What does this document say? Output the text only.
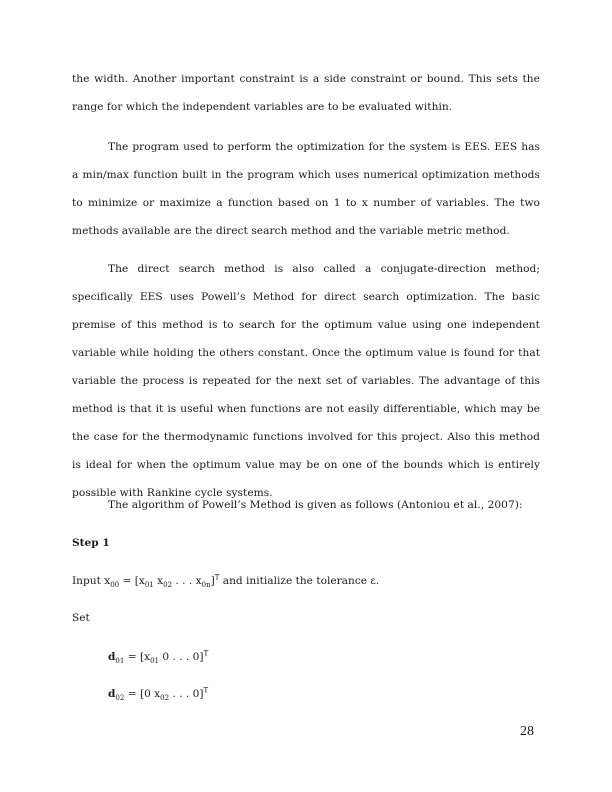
the width. Another important constraint is a side constraint or bound. This sets the range for which the independent variables are to be evaluated within.

The program used to perform the optimization for the system is EES. EES has a min/max function built in the program which uses numerical optimization methods to minimize or maximize a function based on 1 to x number of variables. The two methods available are the direct search method and the variable metric method.

The direct search method is also called a conjugate-direction method; specifically EES uses Powell’s Method for direct search optimization. The basic premise of this method is to search for the optimum value using one independent variable while holding the others constant. Once the optimum value is found for that variable the process is repeated for the next set of variables. The advantage of this method is that it is useful when functions are not easily differentiable, which may be the case for the thermodynamic functions involved for this project. Also this method is ideal for when the optimum value may be on one of the bounds which is entirely possible with Rankine cycle systems.

The algorithm of Powell’s Method is given as follows (Antoniou et al., 2007):

Step 1
Input $x_{00} = [x_{01}$ $x_{02}$ . . . $x_{0n}]^T$ and initialize the tolerance ε.
Set
$d_{01} = [x_{01}$ 0 . . . 0]$^T$
$d_{02} = [0$ $x_{02}$ . . . 0]$^T$
28
